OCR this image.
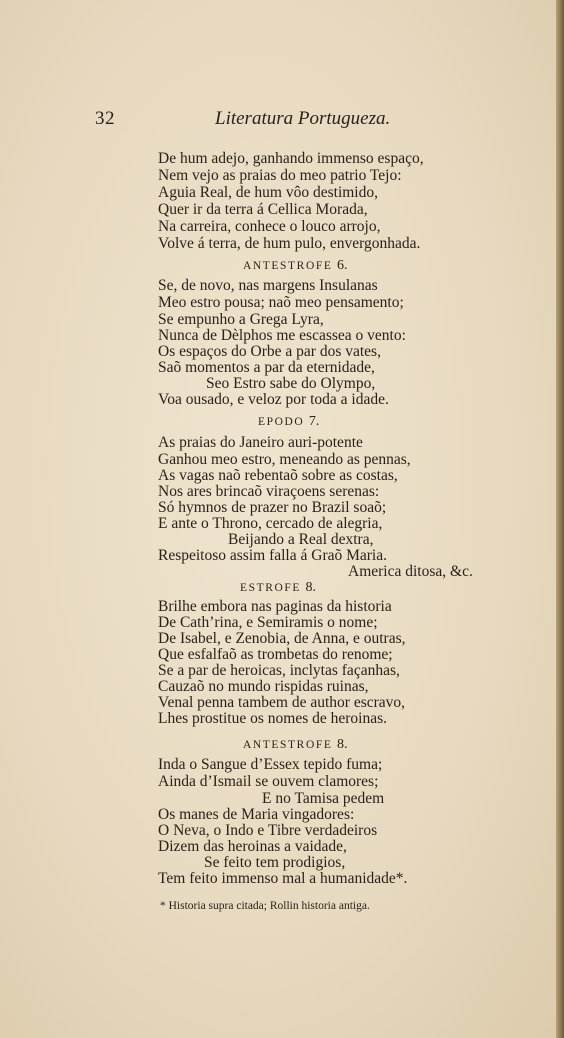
32	Literatura Portugueza.
De hum adejo, ganhando immenso espaço,
Nem vejo as praias do meo patrio Tejo:
Aguia Real, de hum vôo destimido,
Quer ir da terra á Cellica Morada,
Na carreira, conhece o louco arrojo,
Volve á terra, de hum pulo, envergonhada.
ANTESTROFE 6.
Se, de novo, nas margens Insulanas
Meo estro pousa; naõ meo pensamento;
Se empunho a Grega Lyra,
Nunca de Dèlphos me escassea o vento:
Os espaços do Orbe a par dos vates,
Saõ momentos a par da eternidade,
Seo Estro sabe do Olympo,
Voa ousado, e veloz por toda a idade.
EPODO 7.
As praias do Janeiro auri-potente
Ganhou meo estro, meneando as pennas,
As vagas naõ rebentaõ sobre as costas,
Nos ares brincaõ viraçoens serenas:
Só hymnos de prazer no Brazil soaõ;
E ante o Throno, cercado de alegria,
Beijando a Real dextra,
Respeitoso assim falla á Graõ Maria.
America ditosa, &c.
ESTROFE 8.
Brilhe embora nas paginas da historia
De Cath’rina, e Semiramis o nome;
De Isabel, e Zenobia, de Anna, e outras,
Que esfalfaõ as trombetas do renome;
Se a par de heroicas, inclytas façanhas,
Cauzaõ no mundo rispidas ruinas,
Venal penna tambem de author escravo,
Lhes prostitue os nomes de heroinas.
ANTESTROFE 8.
Inda o Sangue d’Essex tepido fuma;
Ainda d’Ismail se ouvem clamores;
E no Tamisa pedem
Os manes de Maria vingadores:
O Neva, o Indo e Tibre verdadeiros
Dizem das heroinas a vaidade,
Se feito tem prodigios,
Tem feito immenso mal a humanidade*.
* Historia supra citada; Rollin historia antiga.
